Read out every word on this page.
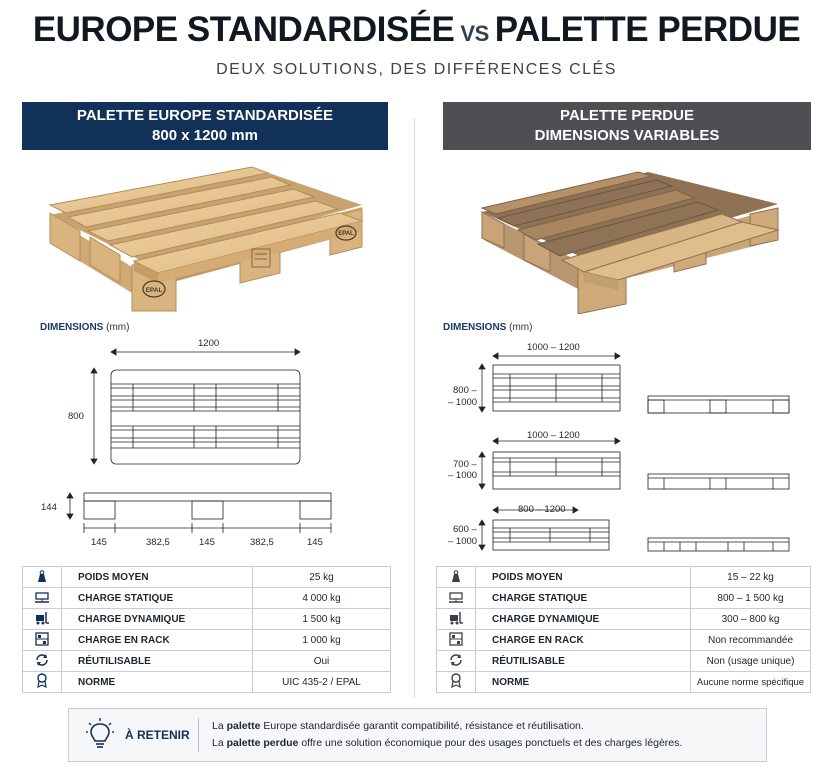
EUROPE STANDARDISÉE VS PALETTE PERDUE
DEUX SOLUTIONS, DES DIFFÉRENCES CLÉS
PALETTE EUROPE STANDARDISÉE
800 x 1200 mm
PALETTE PERDUE
DIMENSIONS VARIABLES
EPAL
EPAL
DIMENSIONS (mm)
1200
800
144
145	382,5	145	382,5	145
DIMENSIONS (mm)
1000 – 1200
800 –
– 1000
1000 – 1200
700 –
– 1000
800 – 1200
600 –
– 1000
	POIDS MOYEN	25 kg
	CHARGE STATIQUE	4 000 kg
	CHARGE DYNAMIQUE	1 500 kg
	CHARGE EN RACK	1 000 kg
	RÉUTILISABLE	Oui
	NORME	UIC 435-2 / EPAL
	POIDS MOYEN	15 – 22 kg
	CHARGE STATIQUE	800 – 1 500 kg
	CHARGE DYNAMIQUE	300 – 800 kg
	CHARGE EN RACK	Non recommandée
	RÉUTILISABLE	Non (usage unique)
	NORME	Aucune norme spécifique
À RETENIR
La palette Europe standardisée garantit compatibilité, résistance et réutilisation.
La palette perdue offre une solution économique pour des usages ponctuels et des charges légères.
